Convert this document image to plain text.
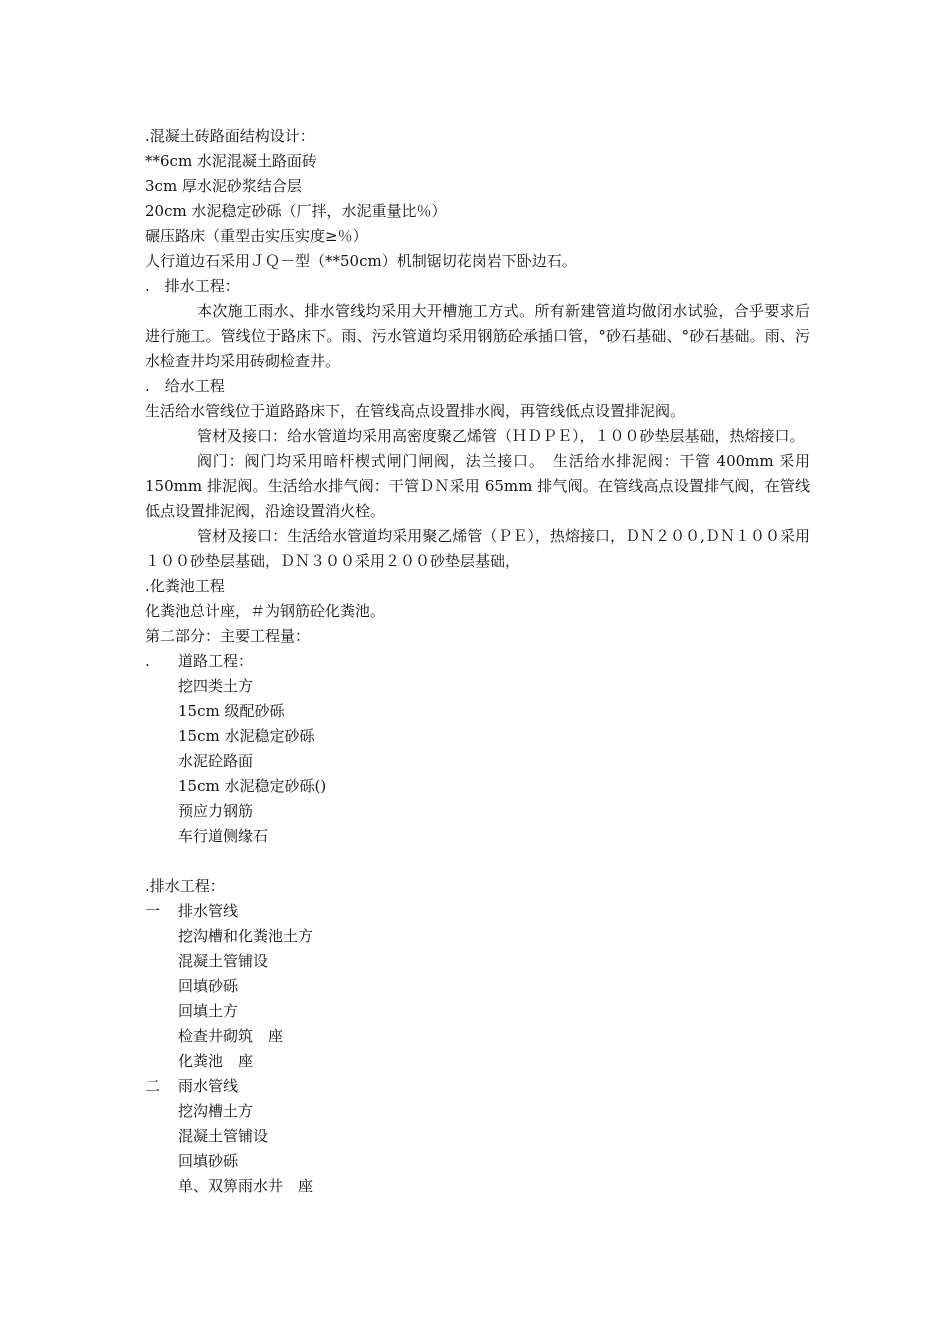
.混凝土砖路面结构设计：
**6cm 水泥混凝土路面砖
3cm 厚水泥砂浆结合层
20cm 水泥稳定砂砾（厂拌，水泥重量比％）
碾压路床（重型击实压实度≥％）
人行道边石采用ＪＱ－型（**50cm）机制锯切花岗岩下卧边石。
.　排水工程：
本次施工雨水、排水管线均采用大开槽施工方式。所有新建管道均做闭水试验，合乎要求后进行施工。管线位于路床下。雨、污水管道均采用钢筋砼承插口管，°砂石基础、°砂石基础。雨、污水检查井均采用砖砌检查井。
.　给水工程
生活给水管线位于道路路床下，在管线高点设置排水阀，再管线低点设置排泥阀。
管材及接口：给水管道均采用高密度聚乙烯管（ＨＤＰＥ），１００砂垫层基础，热熔接口。
阀门：阀门均采用暗杆楔式闸门闸阀，法兰接口。　生活给水排泥阀：干管 400mm 采用 150mm 排泥阀。生活给水排气阀：干管ＤＮ采用 65mm 排气阀。在管线高点设置排气阀，在管线低点设置排泥阀，沿途设置消火栓。
管材及接口：生活给水管道均采用聚乙烯管（ＰＥ），热熔接口，ＤＮ２００,ＤＮ１００采用１００砂垫层基础，ＤＮ３００采用２００砂垫层基础，
.化粪池工程
化粪池总计座，＃为钢筋砼化粪池。
第二部分：主要工程量：
. 道路工程：
挖四类土方
15cm 级配砂砾
15cm 水泥稳定砂砾
水泥砼路面
15cm 水泥稳定砂砾()
预应力钢筋
车行道侧缘石
.排水工程：
一 排水管线
挖沟槽和化粪池土方
混凝土管铺设
回填砂砾
回填土方
检查井砌筑　座
化粪池　座
二 雨水管线
挖沟槽土方
混凝土管铺设
回填砂砾
单、双箅雨水井　座
